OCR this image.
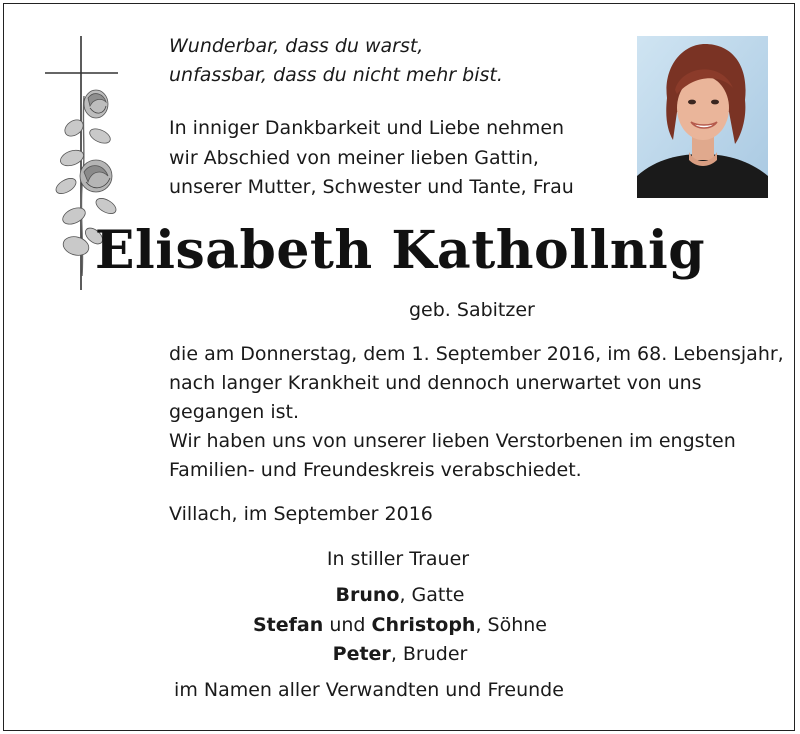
Wunderbar, dass du warst,
unfassbar, dass du nicht mehr bist.
In inniger Dankbarkeit und Liebe nehmen
wir Abschied von meiner lieben Gattin,
unserer Mutter, Schwester und Tante, Frau
Elisabeth Kathollnig
geb. Sabitzer
die am Donnerstag, dem 1. September 2016, im 68. Lebensjahr,
nach langer Krankheit und dennoch unerwartet von uns
gegangen ist.
Wir haben uns von unserer lieben Verstorbenen im engsten
Familien- und Freundeskreis verabschiedet.
Villach, im September 2016
In stiller Trauer
Bruno, Gatte
Stefan und Christoph, Söhne
Peter, Bruder
im Namen aller Verwandten und Freunde
